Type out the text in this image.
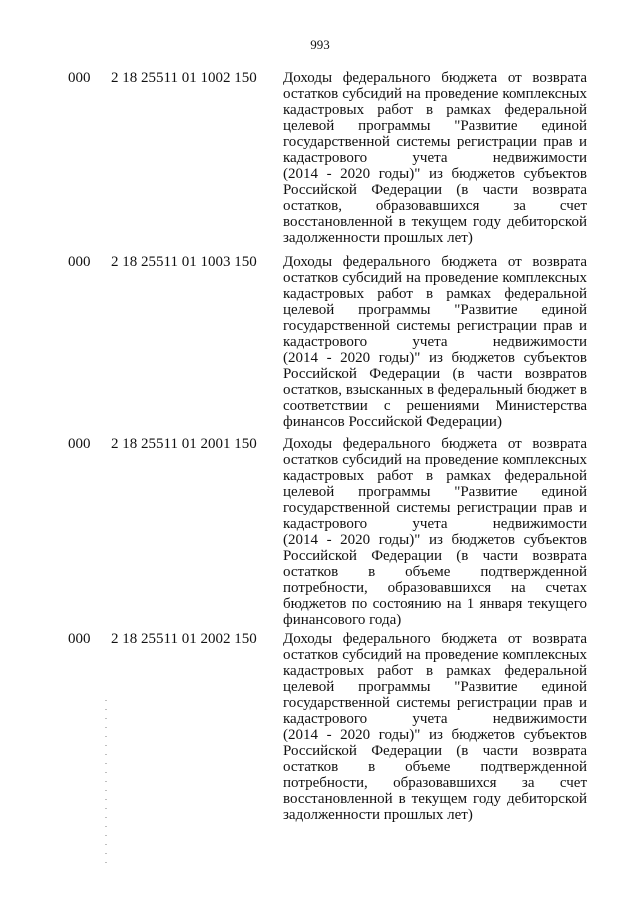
993
000 2 18 25511 01 1002 150 Доходы федерального бюджета от возврата
остатков субсидий на проведение комплексных
кадастровых работ в рамках федеральной
целевой программы "Развитие единой
государственной системы регистрации прав и
кадастрового учета недвижимости
(2014 - 2020 годы)" из бюджетов субъектов
Российской Федерации (в части возврата
остатков, образовавшихся за счет
восстановленной в текущем году дебиторской
задолженности прошлых лет)
000 2 18 25511 01 1003 150 Доходы федерального бюджета от возврата
остатков субсидий на проведение комплексных
кадастровых работ в рамках федеральной
целевой программы "Развитие единой
государственной системы регистрации прав и
кадастрового учета недвижимости
(2014 - 2020 годы)" из бюджетов субъектов
Российской Федерации (в части возвратов
остатков, взысканных в федеральный бюджет в
соответствии с решениями Министерства
финансов Российской Федерации)
000 2 18 25511 01 2001 150 Доходы федерального бюджета от возврата
остатков субсидий на проведение комплексных
кадастровых работ в рамках федеральной
целевой программы "Развитие единой
государственной системы регистрации прав и
кадастрового учета недвижимости
(2014 - 2020 годы)" из бюджетов субъектов
Российской Федерации (в части возврата
остатков в объеме подтвержденной
потребности, образовавшихся на счетах
бюджетов по состоянию на 1 января текущего
финансового года)
000 2 18 25511 01 2002 150 Доходы федерального бюджета от возврата
остатков субсидий на проведение комплексных
кадастровых работ в рамках федеральной
целевой программы "Развитие единой
государственной системы регистрации прав и
кадастрового учета недвижимости
(2014 - 2020 годы)" из бюджетов субъектов
Российской Федерации (в части возврата
остатков в объеме подтвержденной
потребности, образовавшихся за счет
восстановленной в текущем году дебиторской
задолженности прошлых лет)
